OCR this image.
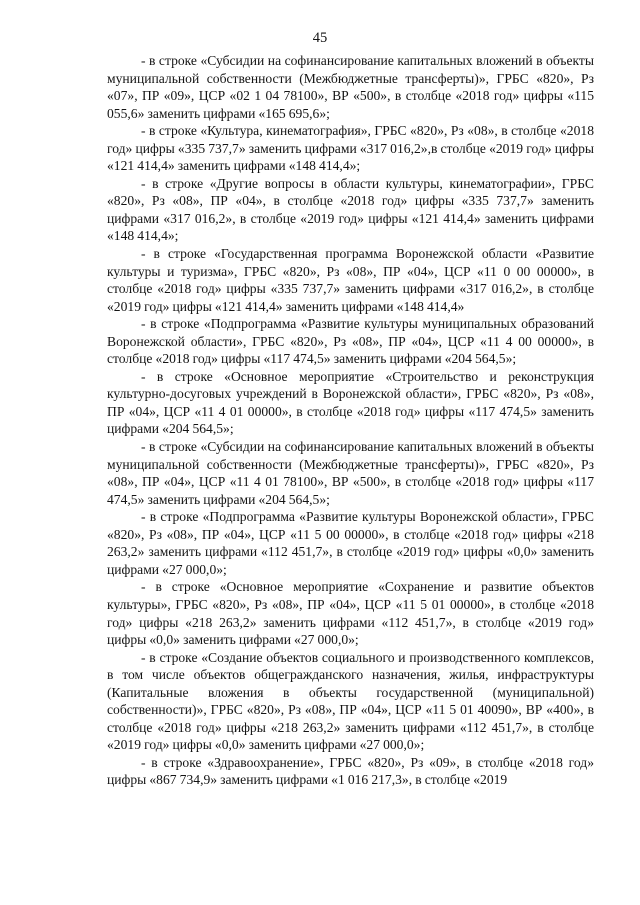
45

- в строке «Субсидии на софинансирование капитальных вложений в объекты муниципальной собственности (Межбюджетные трансферты)», ГРБС «820», Рз «07», ПР «09», ЦСР «02 1 04 78100», ВР «500», в столбце «2018 год» цифры «115 055,6» заменить цифрами «165 695,6»;

- в строке «Культура, кинематография», ГРБС «820», Рз «08», в столбце «2018 год» цифры «335 737,7» заменить цифрами «317 016,2»,в столбце «2019 год» цифры «121 414,4» заменить цифрами «148 414,4»;

- в строке «Другие вопросы в области культуры, кинематографии», ГРБС «820», Рз «08», ПР «04», в столбце «2018 год» цифры «335 737,7» заменить цифрами «317 016,2», в столбце «2019 год» цифры «121 414,4» заменить цифрами «148 414,4»;

- в строке «Государственная программа Воронежской области «Развитие культуры и туризма», ГРБС «820», Рз «08», ПР «04», ЦСР «11 0 00 00000», в столбце «2018 год» цифры «335 737,7» заменить цифрами «317 016,2», в столбце «2019 год» цифры «121 414,4» заменить цифрами «148 414,4»

- в строке «Подпрограмма «Развитие культуры муниципальных образований Воронежской области», ГРБС «820», Рз «08», ПР «04», ЦСР «11 4 00 00000», в столбце «2018 год» цифры «117 474,5» заменить цифрами «204 564,5»;

- в строке «Основное мероприятие «Строительство и реконструкция культурно-досуговых учреждений в Воронежской области», ГРБС «820», Рз «08», ПР «04», ЦСР «11 4 01 00000», в столбце «2018 год» цифры «117 474,5» заменить цифрами «204 564,5»;

- в строке «Субсидии на софинансирование капитальных вложений в объекты муниципальной собственности (Межбюджетные трансферты)», ГРБС «820», Рз «08», ПР «04», ЦСР «11 4 01 78100», ВР «500», в столбце «2018 год» цифры «117 474,5» заменить цифрами «204 564,5»;

- в строке «Подпрограмма «Развитие культуры Воронежской области», ГРБС «820», Рз «08», ПР «04», ЦСР «11 5 00 00000», в столбце «2018 год» цифры «218 263,2» заменить цифрами «112 451,7», в столбце «2019 год» цифры «0,0» заменить цифрами «27 000,0»;

- в строке «Основное мероприятие «Сохранение и развитие объектов культуры», ГРБС «820», Рз «08», ПР «04», ЦСР «11 5 01 00000», в столбце «2018 год» цифры «218 263,2» заменить цифрами «112 451,7», в столбце «2019 год» цифры «0,0» заменить цифрами «27 000,0»;

- в строке «Создание объектов социального и производственного комплексов, в том числе объектов общегражданского назначения, жилья, инфраструктуры (Капитальные вложения в объекты государственной (муниципальной) собственности)», ГРБС «820», Рз «08», ПР «04», ЦСР «11 5 01 40090», ВР «400», в столбце «2018 год» цифры «218 263,2» заменить цифрами «112 451,7», в столбце «2019 год» цифры «0,0» заменить цифрами «27 000,0»;

- в строке «Здравоохранение», ГРБС «820», Рз «09», в столбце «2018 год» цифры «867 734,9» заменить цифрами «1 016 217,3», в столбце «2019
